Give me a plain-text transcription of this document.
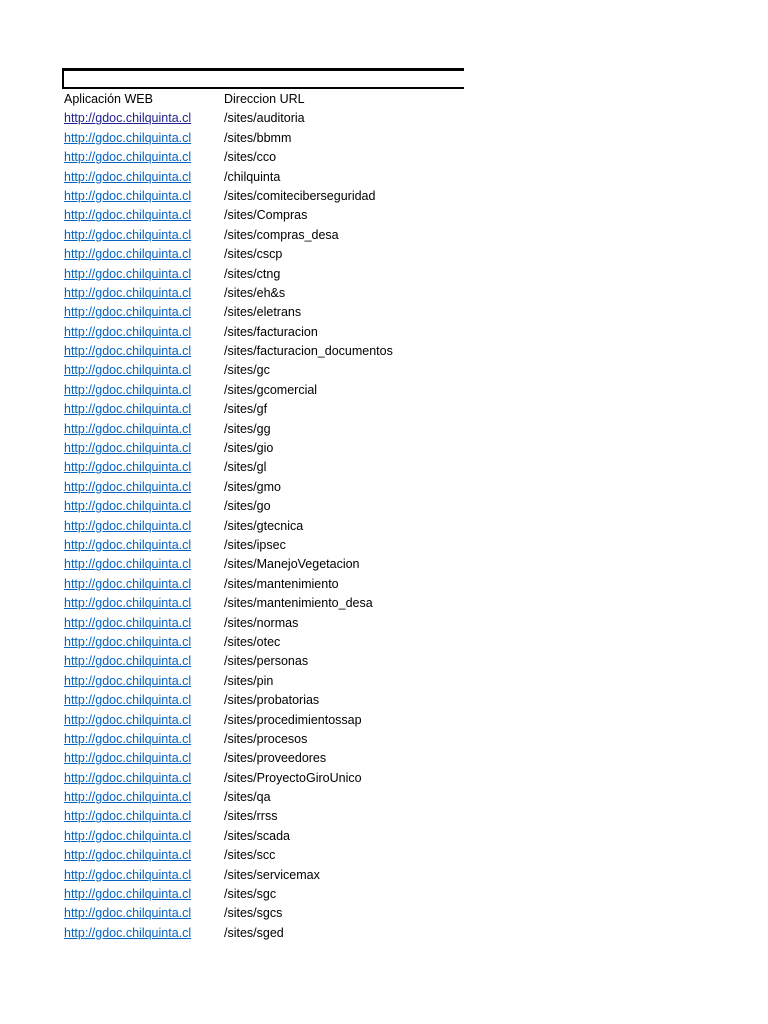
Aplicación WEB	Direccion URL
http://gdoc.chilquinta.cl	/sites/auditoria
http://gdoc.chilquinta.cl	/sites/bbmm
http://gdoc.chilquinta.cl	/sites/cco
http://gdoc.chilquinta.cl	/chilquinta
http://gdoc.chilquinta.cl	/sites/comiteciberseguridad
http://gdoc.chilquinta.cl	/sites/Compras
http://gdoc.chilquinta.cl	/sites/compras_desa
http://gdoc.chilquinta.cl	/sites/cscp
http://gdoc.chilquinta.cl	/sites/ctng
http://gdoc.chilquinta.cl	/sites/eh&s
http://gdoc.chilquinta.cl	/sites/eletrans
http://gdoc.chilquinta.cl	/sites/facturacion
http://gdoc.chilquinta.cl	/sites/facturacion_documentos
http://gdoc.chilquinta.cl	/sites/gc
http://gdoc.chilquinta.cl	/sites/gcomercial
http://gdoc.chilquinta.cl	/sites/gf
http://gdoc.chilquinta.cl	/sites/gg
http://gdoc.chilquinta.cl	/sites/gio
http://gdoc.chilquinta.cl	/sites/gl
http://gdoc.chilquinta.cl	/sites/gmo
http://gdoc.chilquinta.cl	/sites/go
http://gdoc.chilquinta.cl	/sites/gtecnica
http://gdoc.chilquinta.cl	/sites/ipsec
http://gdoc.chilquinta.cl	/sites/ManejoVegetacion
http://gdoc.chilquinta.cl	/sites/mantenimiento
http://gdoc.chilquinta.cl	/sites/mantenimiento_desa
http://gdoc.chilquinta.cl	/sites/normas
http://gdoc.chilquinta.cl	/sites/otec
http://gdoc.chilquinta.cl	/sites/personas
http://gdoc.chilquinta.cl	/sites/pin
http://gdoc.chilquinta.cl	/sites/probatorias
http://gdoc.chilquinta.cl	/sites/procedimientossap
http://gdoc.chilquinta.cl	/sites/procesos
http://gdoc.chilquinta.cl	/sites/proveedores
http://gdoc.chilquinta.cl	/sites/ProyectoGiroUnico
http://gdoc.chilquinta.cl	/sites/qa
http://gdoc.chilquinta.cl	/sites/rrss
http://gdoc.chilquinta.cl	/sites/scada
http://gdoc.chilquinta.cl	/sites/scc
http://gdoc.chilquinta.cl	/sites/servicemax
http://gdoc.chilquinta.cl	/sites/sgc
http://gdoc.chilquinta.cl	/sites/sgcs
http://gdoc.chilquinta.cl	/sites/sged
